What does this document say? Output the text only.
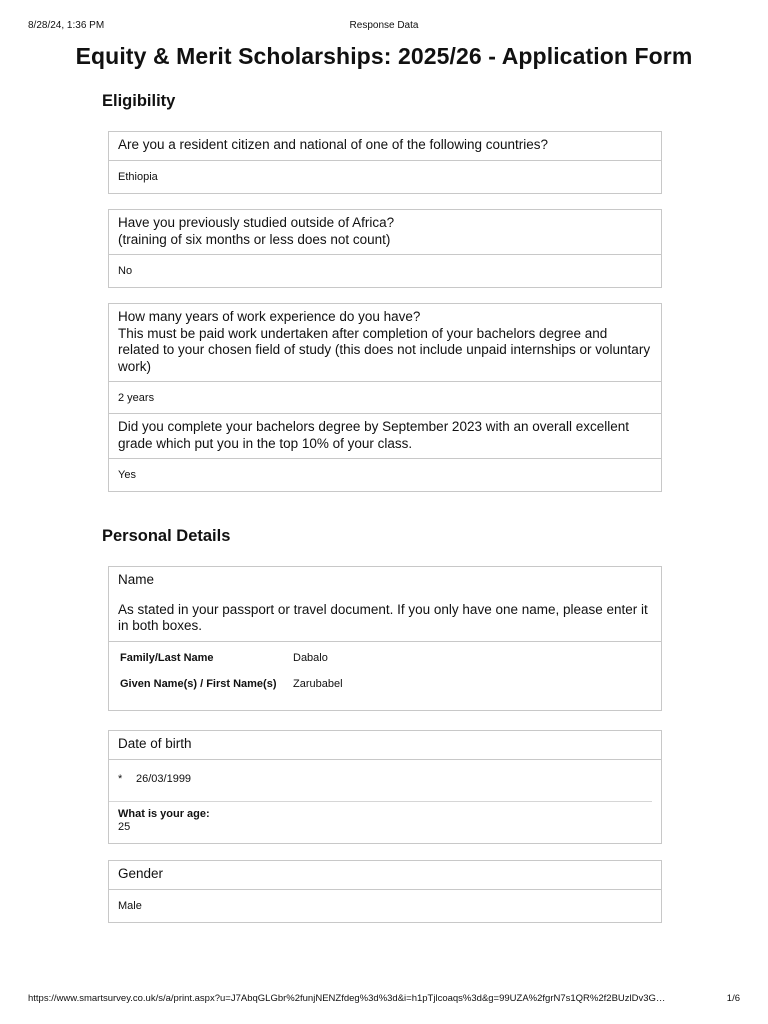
8/28/24, 1:36 PM	Response Data
Equity & Merit Scholarships: 2025/26 - Application Form
Eligibility
Are you a resident citizen and national of one of the following countries?
Ethiopia
Have you previously studied outside of Africa?
(training of six months or less does not count)
No
How many years of work experience do you have?
This must be paid work undertaken after completion of your bachelors degree and related to your chosen field of study (this does not include unpaid internships or voluntary work)
2 years
Did you complete your bachelors degree by September 2023 with an overall excellent grade which put you in the top 10% of your class.
Yes
Personal Details
Name
As stated in your passport or travel document. If you only have one name, please enter it in both boxes.
Family/Last Name	Dabalo
Given Name(s) / First Name(s)	Zarubabel
Date of birth
* 26/03/1999
What is your age:
25
Gender
Male
https://www.smartsurvey.co.uk/s/a/print.aspx?u=J7AbqGLGbr%2funjNENZfdeg%3d%3d&i=h1pTjlcoaqs%3d&g=99UZA%2fgrN7s1QR%2f2BUzlDv3G…	1/6
